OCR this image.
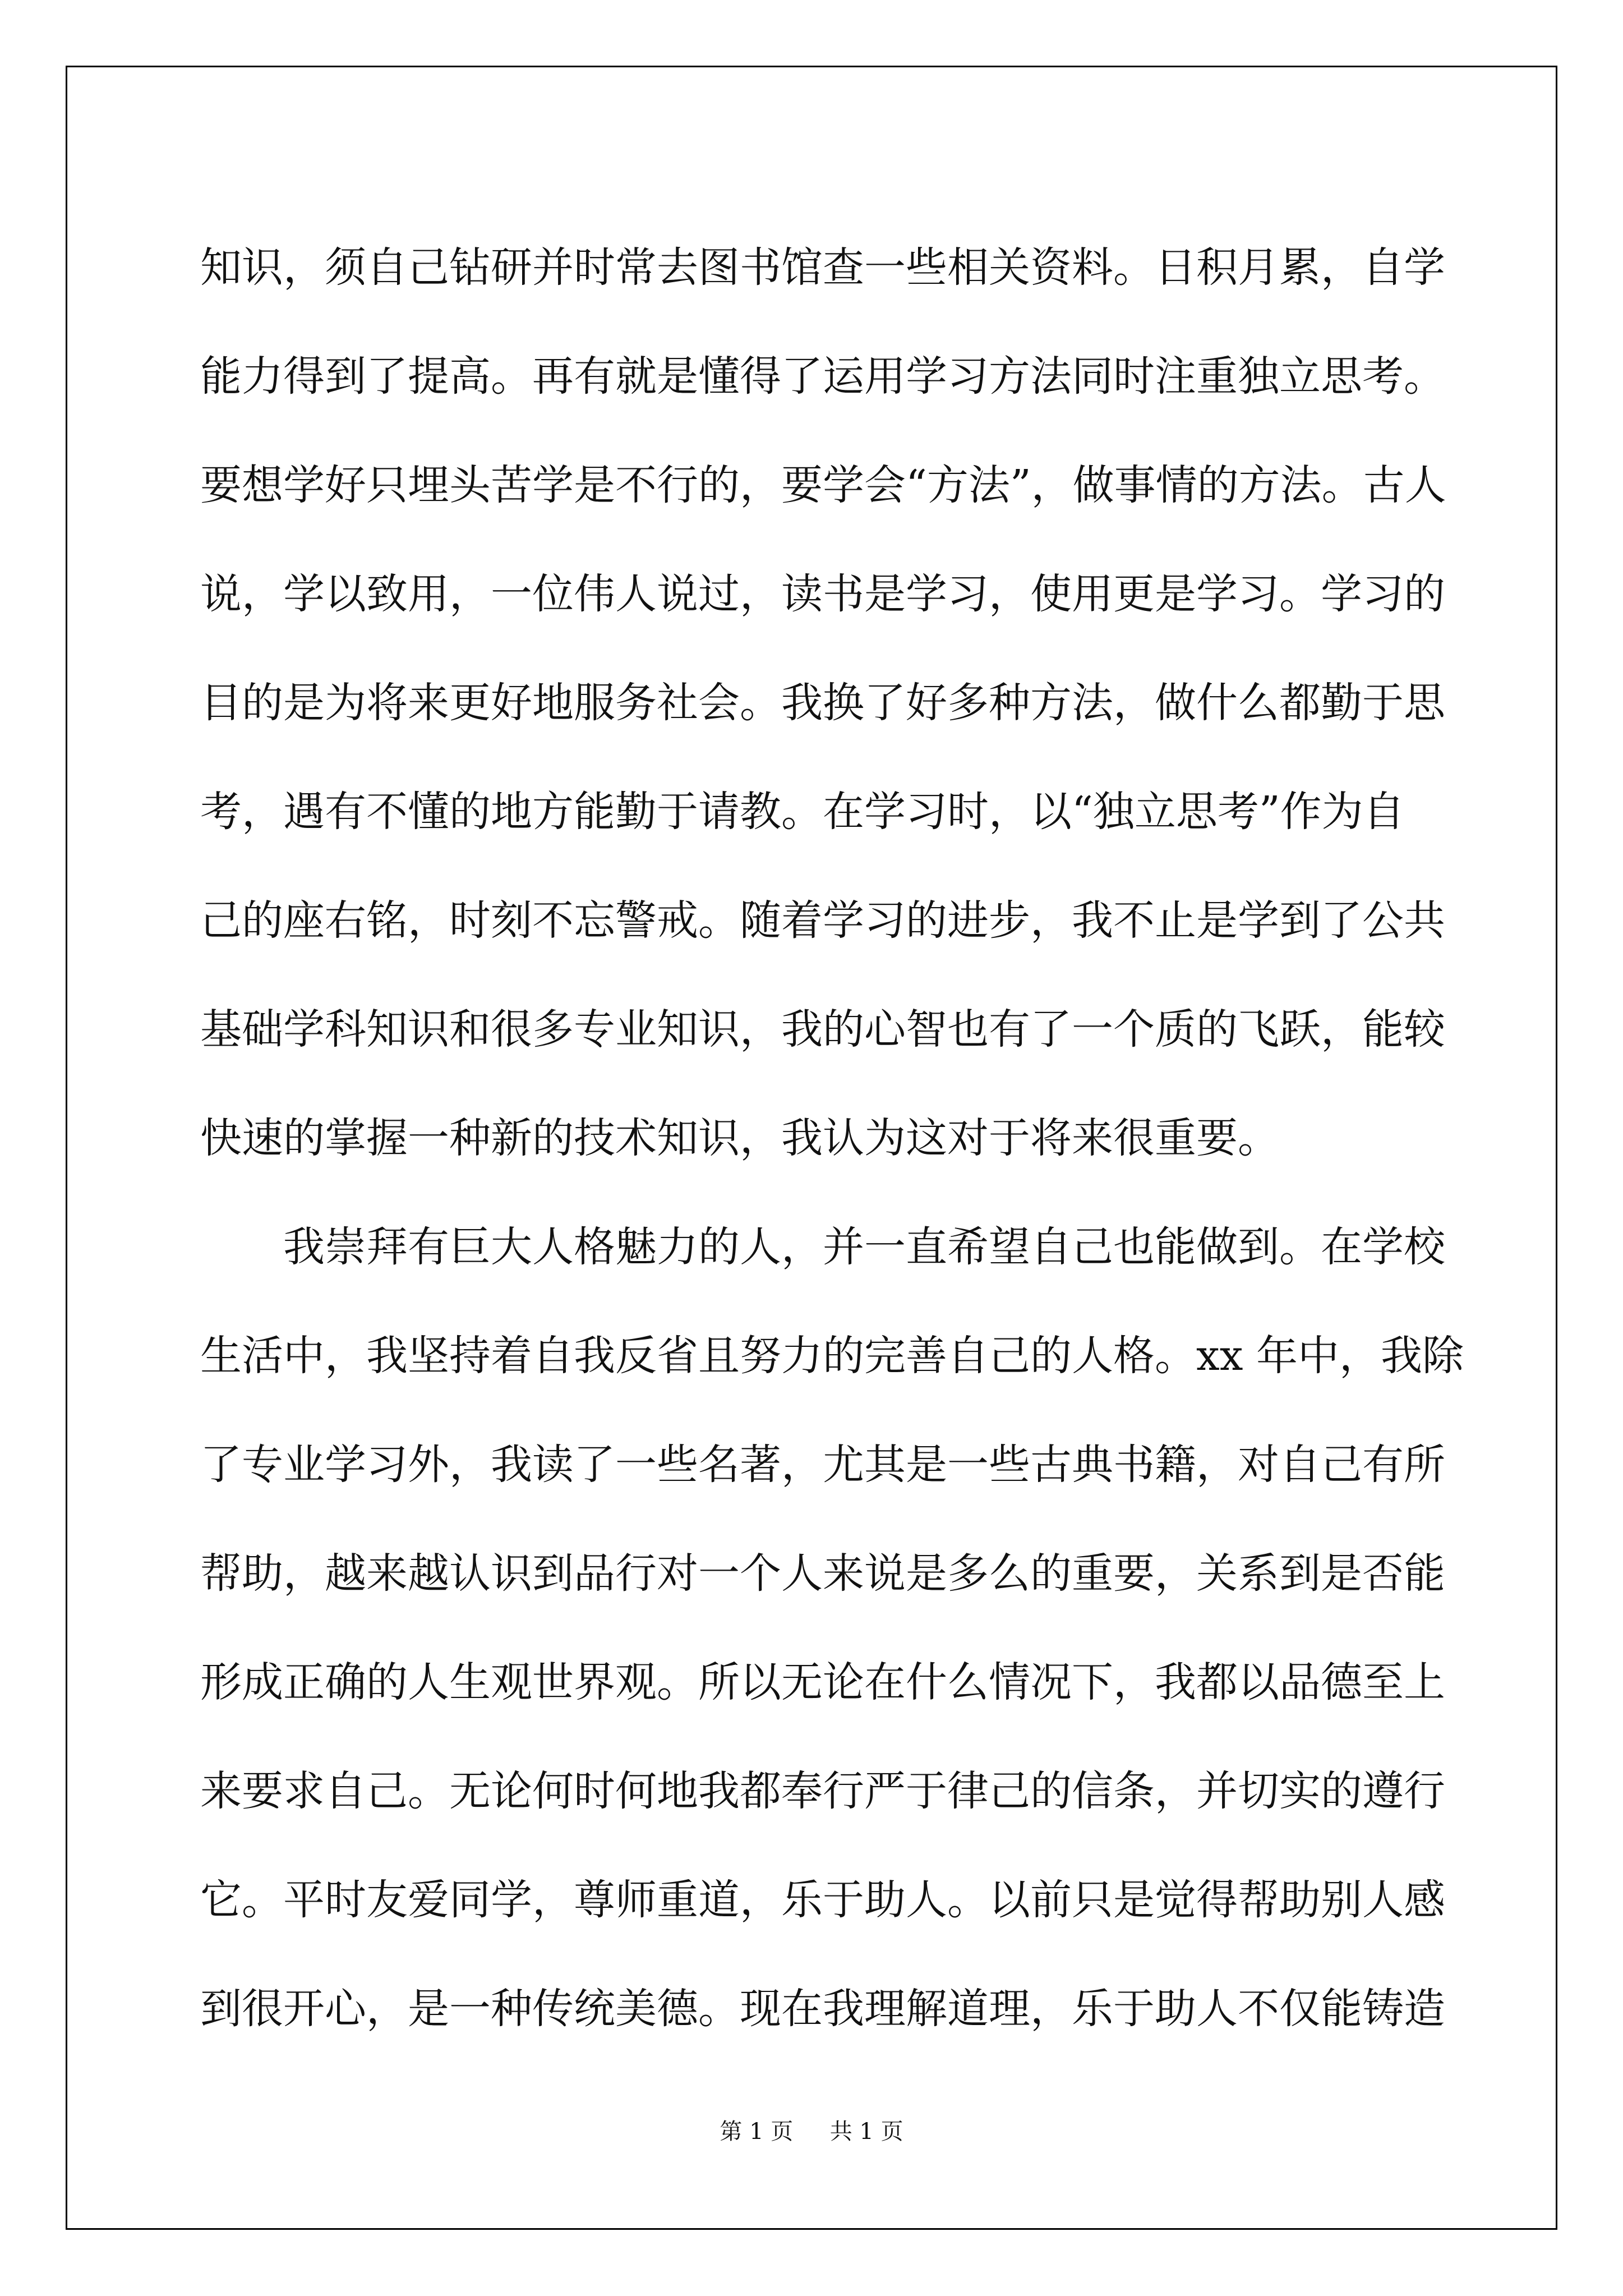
知识，须自己钻研并时常去图书馆查一些相关资料。日积月累，自学
能力得到了提高。再有就是懂得了运用学习方法同时注重独立思考。
要想学好只埋头苦学是不行的，要学会“方法”，做事情的方法。古人
说，学以致用，一位伟人说过，读书是学习，使用更是学习。学习的
目的是为将来更好地服务社会。我换了好多种方法，做什么都勤于思
考，遇有不懂的地方能勤于请教。在学习时，以“独立思考”作为自
己的座右铭，时刻不忘警戒。随着学习的进步，我不止是学到了公共
基础学科知识和很多专业知识，我的心智也有了一个质的飞跃，能较
快速的掌握一种新的技术知识，我认为这对于将来很重要。
我崇拜有巨大人格魅力的人，并一直希望自己也能做到。在学校
生活中，我坚持着自我反省且努力的完善自己的人格。xx 年中，我除
了专业学习外，我读了一些名著，尤其是一些古典书籍，对自己有所
帮助，越来越认识到品行对一个人来说是多么的重要，关系到是否能
形成正确的人生观世界观。所以无论在什么情况下，我都以品德至上
来要求自己。无论何时何地我都奉行严于律己的信条，并切实的遵行
它。平时友爱同学，尊师重道，乐于助人。以前只是觉得帮助别人感
到很开心，是一种传统美德。现在我理解道理，乐于助人不仅能铸造
第 1 页 共 1 页
